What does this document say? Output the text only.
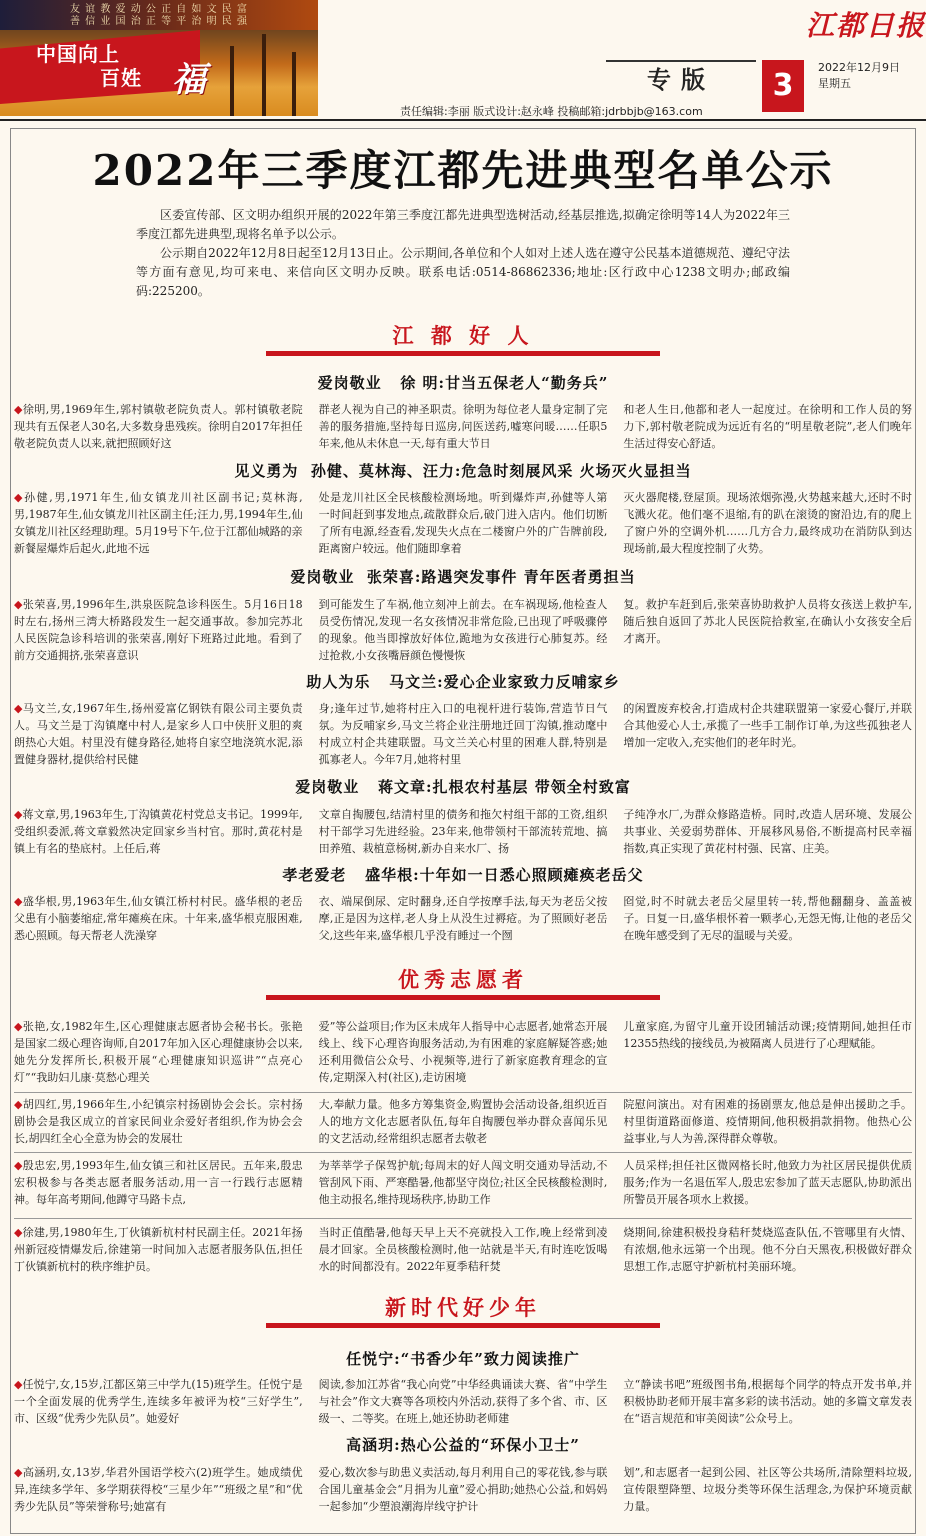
友 谊 教 爱 动 公 正 自 如 文 民 富
善 信 业 国 治 正 等 平 治 明 民 强
中国向上
百姓 福
江都日报
专版	3
2022年12月9日
星期五
责任编辑:李丽 版式设计:赵永峰 投稿邮箱:jdrbbjb@163.com
2022年三季度江都先进典型名单公示

区委宣传部、区文明办组织开展的2022年第三季度江都先进典型选树活动,经基层推选,拟确定徐明等14人为2022年三季度江都先进典型,现将名单予以公示。

公示期自2022年12月8日起至12月13日止。公示期间,各单位和个人如对上述人选在遵守公民基本道德规范、遵纪守法等方面有意见,均可来电、来信向区文明办反映。联系电话:0514-86862336;地址:区行政中心1238文明办;邮政编码:225200。

江 都 好 人
爱岗敬业 徐 明:甘当五保老人“勤务兵”

◆徐明,男,1969年生,郭村镇敬老院负责人。郭村镇敬老院现共有五保老人30名,大多数身患残疾。徐明自2017年担任敬老院负责人以来,就把照顾好这

群老人视为自己的神圣职责。徐明为每位老人量身定制了完善的服务措施,坚持每日巡房,问医送药,嘘寒问暖……任职5年来,他从未休息一天,每有重大节日

和老人生日,他都和老人一起度过。在徐明和工作人员的努力下,郭村敬老院成为远近有名的“明星敬老院”,老人们晚年生活过得安心舒适。

见义勇为 孙健、莫林海、汪力:危急时刻展风采 火场灭火显担当

◆孙健,男,1971年生,仙女镇龙川社区副书记;莫林海,男,1987年生,仙女镇龙川社区副主任;汪力,男,1994年生,仙女镇龙川社区经理助理。5月19号下午,位于江都仙城路的亲新餐屋爆炸后起火,此地不远

处是龙川社区全民核酸检测场地。听到爆炸声,孙健等人第一时间赶到事发地点,疏散群众后,破门进入店内。他们切断了所有电源,经查看,发现失火点在二楼窗户外的广告牌前段,距离窗户较远。他们随即拿着

灭火器爬楼,登屋顶。现场浓烟弥漫,火势越来越大,还时不时飞溅火花。他们毫不退缩,有的趴在滚烫的窗沿边,有的爬上了窗户外的空调外机……几方合力,最终成功在消防队到达现场前,最大程度控制了火势。

爱岗敬业 张荣喜:路遇突发事件 青年医者勇担当

◆张荣喜,男,1996年生,洪泉医院急诊科医生。5月16日18时左右,扬州三湾大桥路段发生一起交通事故。参加完苏北人民医院急诊科培训的张荣喜,刚好下班路过此地。看到了前方交通拥挤,张荣喜意识

到可能发生了车祸,他立刻冲上前去。在车祸现场,他检查人员受伤情况,发现一名女孩情况非常危险,已出现了呼吸骤停的现象。他当即撑放好体位,跪地为女孩进行心肺复苏。经过抢救,小女孩嘴唇颜色慢慢恢

复。救护车赶到后,张荣喜协助救护人员将女孩送上救护车,随后独自返回了苏北人民医院拾救室,在确认小女孩安全后才离开。

助人为乐 马文兰:爱心企业家致力反哺家乡

◆马文兰,女,1967年生,扬州爱富亿钢铁有限公司主要负责人。马文兰是丁沟镇麾中村人,是家乡人口中侠肝义胆的爽朗热心大姐。村里没有健身路径,她将自家空地浇筑水泥,添置健身器材,提供给村民健

身;逢年过节,她将村庄入口的电视杆进行装饰,营造节日气氛。为反哺家乡,马文兰将企业注册地迁回丁沟镇,推动麾中村成立村企共建联盟。马文兰关心村里的困难人群,特别是孤寡老人。今年7月,她将村里

的闲置废弃校舍,打造成村企共建联盟第一家爱心餐厅,并联合其他爱心人士,承揽了一些手工制作订单,为这些孤独老人增加一定收入,充实他们的老年时光。

爱岗敬业 蒋文章:扎根农村基层 带领全村致富

◆蒋文章,男,1963年生,丁沟镇黄花村党总支书记。1999年,受组织委派,蒋文章毅然决定回家乡当村官。那时,黄花村是镇上有名的垫底村。上任后,蒋

文章自掏腰包,结清村里的债务和拖欠村组干部的工资,组织村干部学习先进经验。23年来,他带领村干部流转荒地、搞田养殖、栽植意杨树,新办自来水厂、扬

子纯净水厂,为群众修路造桥。同时,改造人居环境、发展公共事业、关爱弱势群体、开展移风易俗,不断提高村民幸福指数,真正实现了黄花村村强、民富、庄美。

孝老爱老 盛华根:十年如一日悉心照顾瘫痪老岳父

◆盛华根,男,1963年生,仙女镇江桥村村民。盛华根的老岳父患有小脑萎缩症,常年瘫痪在床。十年来,盛华根克服困难,悉心照顾。每天帮老人洗澡穿

衣、端屎倒尿、定时翻身,还自学按摩手法,每天为老岳父按摩,正是因为这样,老人身上从没生过褥疮。为了照顾好老岳父,这些年来,盛华根几乎没有睡过一个囫

囵觉,时不时就去老岳父屋里转一转,帮他翻翻身、盖盖被子。日复一日,盛华根怀着一颗孝心,无怨无悔,让他的老岳父在晚年感受到了无尽的温暖与关爱。

优秀志愿者

◆张艳,女,1982年生,区心理健康志愿者协会秘书长。张艳是国家二级心理咨询师,自2017年加入区心理健康协会以来,她先分发挥所长,积极开展“心理健康知识巡讲”“点亮心灯”“我助妇儿康·莫愁心理关

爱”等公益项目;作为区未成年人指导中心志愿者,她常态开展线上、线下心理咨询服务活动,为有困难的家庭解疑答惑;她还利用微信公众号、小视频等,进行了新家庭教育理念的宣传,定期深入村(社区),走访困境

儿童家庭,为留守儿童开设团辅活动课;疫情期间,她担任市12355热线的接线员,为被隔离人员进行了心理赋能。

◆胡四红,男,1966年生,小纪镇宗村扬剧协会会长。宗村扬剧协会是我区成立的首家民间业余爱好者组织,作为协会会长,胡四红全心全意为协会的发展壮

大,奉献力量。他多方筹集资金,购置协会活动设备,组织近百人的地方文化志愿者队伍,每年自掏腰包举办群众喜闻乐见的文艺活动,经常组织志愿者去敬老

院慰问演出。对有困难的扬剧票友,他总是伸出援助之手。村里街道路面修道、疫情期间,他积极捐款捐物。他热心公益事业,与人为善,深得群众尊敬。

◆殷忠宏,男,1993年生,仙女镇三和社区居民。五年来,殷忠宏积极参与各类志愿者服务活动,用一言一行践行志愿精神。每年高考期间,他蹲守马路卡点,

为莘莘学子保驾护航;每周末的好人闯文明交通劝导活动,不管刮风下雨、严寒酷暑,他都坚守岗位;社区全民核酸检测时,他主动报名,维持现场秩序,协助工作

人员采样;担任社区微网格长时,他致力为社区居民提供优质服务;作为一名退伍军人,殷忠宏参加了蓝天志愿队,协助派出所警员开展各项水上救援。

◆徐建,男,1980年生,丁伙镇新杭村村民副主任。2021年扬州新冠疫情爆发后,徐建第一时间加入志愿者服务队伍,担任丁伙镇新杭村的秩序维护员。

当时正值酷暑,他每天早上天不亮就投入工作,晚上经常到凌晨才回家。全员核酸检测时,他一站就是半天,有时连吃饭喝水的时间都没有。2022年夏季秸秆焚

烧期间,徐建积极投身秸秆焚烧巡查队伍,不管哪里有火情、有浓烟,他永远第一个出现。他不分白天黑夜,积极做好群众思想工作,志愿守护新杭村美丽环境。

新时代好少年
任悦宁:“书香少年”致力阅读推广

◆任悦宁,女,15岁,江都区第三中学九(15)班学生。任悦宁是一个全面发展的优秀学生,连续多年被评为校“三好学生”,市、区级“优秀少先队员”。她爱好

阅读,参加江苏省“我心向党”中华经典诵读大赛、省“中学生与社会”作文大赛等各项校内外活动,获得了多个省、市、区级一、二等奖。在班上,她还协助老师建

立“静读书吧”班级图书角,根据每个同学的特点开发书单,并积极协助老师开展丰富多彩的读书活动。她的多篇文章发表在“语言规范和审美阅读”公众号上。

高涵玥:热心公益的“环保小卫士”

◆高涵玥,女,13岁,华君外国语学校六(2)班学生。她成绩优异,连续多学年、多学期获得校“三星少年”“班级之星”和“优秀少先队员”等荣誉称号;她富有

爱心,数次参与助患义卖活动,每月利用自己的零花钱,参与联合国儿童基金会“月捐为儿童”爱心捐助;她热心公益,和妈妈一起参加“少塑浪潮海岸线守护计

划”,和志愿者一起到公园、社区等公共场所,清除塑料垃圾,宣传限塑降塑、垃圾分类等环保生活理念,为保护环境贡献力量。
